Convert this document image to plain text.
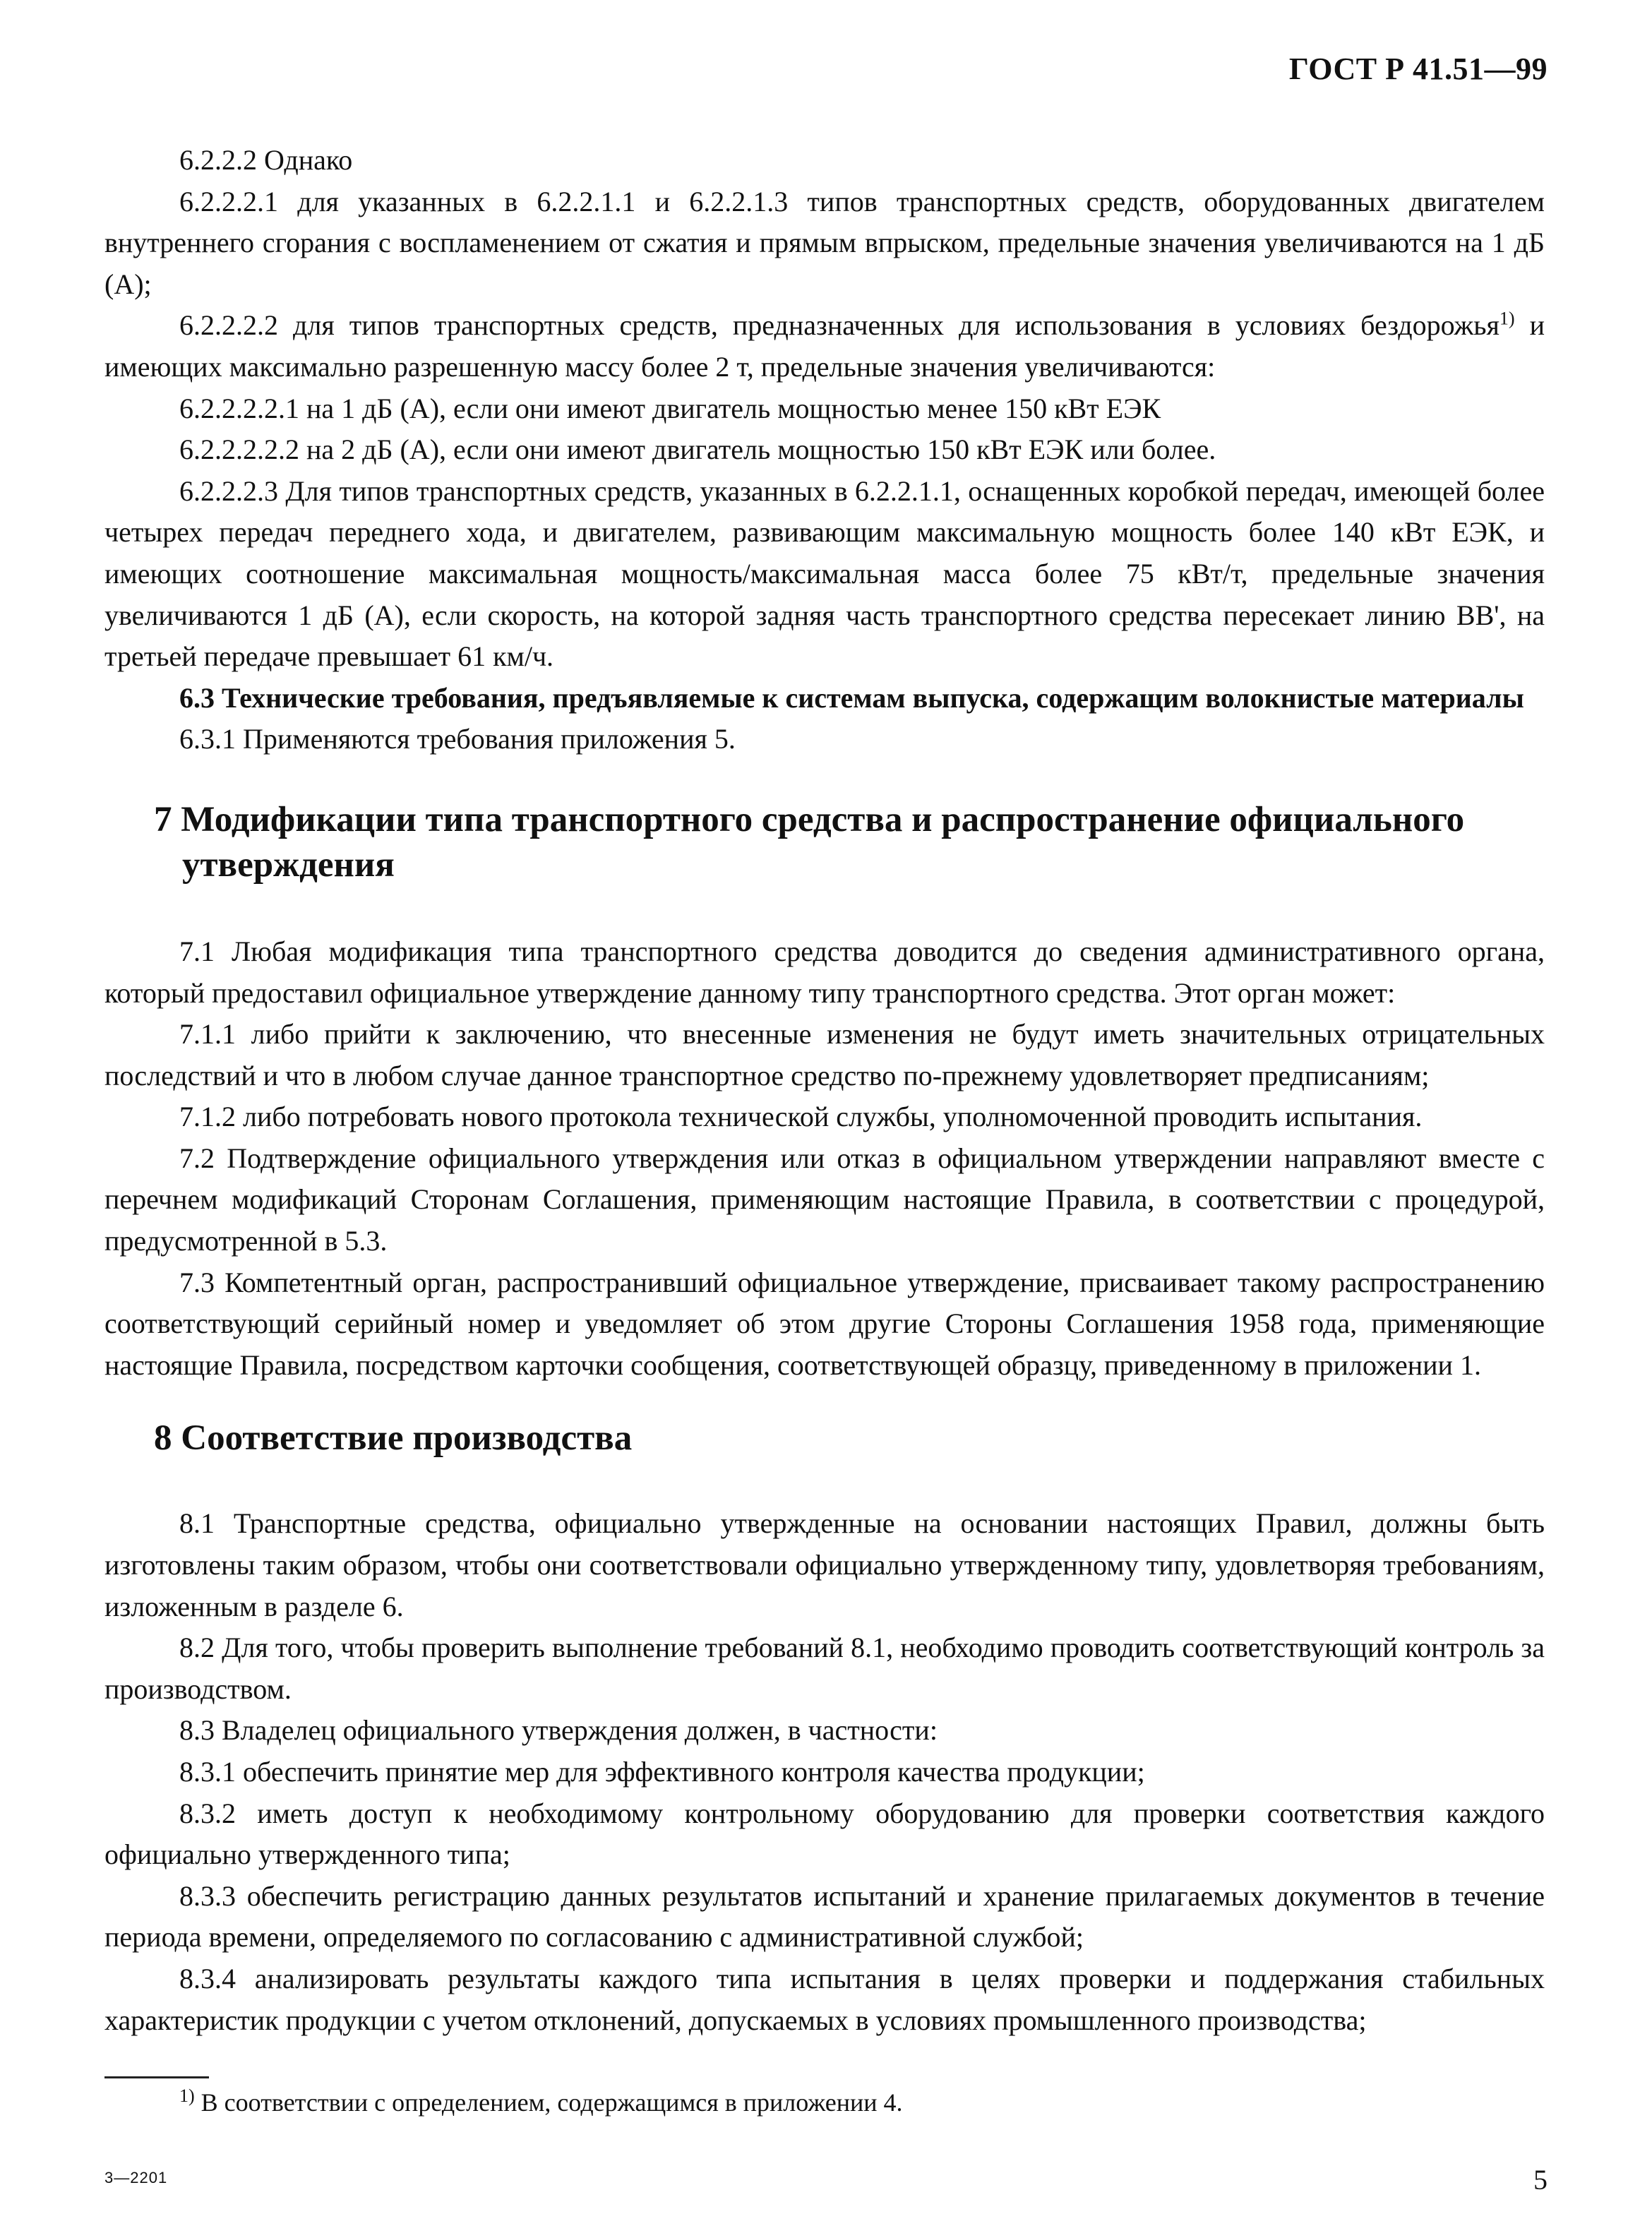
ГОСТ Р 41.51—99

6.2.2.2 Однако

6.2.2.2.1 для указанных в 6.2.2.1.1 и 6.2.2.1.3 типов транспортных средств, оборудованных двигателем внутреннего сгорания с воспламенением от сжатия и прямым впрыском, предельные значения увеличиваются на 1 дБ (А);

6.2.2.2.2 для типов транспортных средств, предназначенных для использования в условиях бездорожья$^{1)}$ и имеющих максимально разрешенную массу более 2 т, предельные значения увеличиваются:

6.2.2.2.2.1 на 1 дБ (А), если они имеют двигатель мощностью менее 150 кВт ЕЭК

6.2.2.2.2.2 на 2 дБ (А), если они имеют двигатель мощностью 150 кВт ЕЭК или более.

6.2.2.2.3 Для типов транспортных средств, указанных в 6.2.2.1.1, оснащенных коробкой передач, имеющей более четырех передач переднего хода, и двигателем, развивающим максимальную мощность более 140 кВт ЕЭК, и имеющих соотношение максимальная мощность/максимальная масса более 75 кВт/т, предельные значения увеличиваются 1 дБ (А), если скорость, на которой задняя часть транспортного средства пересекает линию ВВ', на третьей передаче превышает 61 км/ч.

6.3 Технические требования, предъявляемые к системам выпуска, содержащим волокнистые материалы

6.3.1 Применяются требования приложения 5.

7 Модификации типа транспортного средства и распространение официального утверждения

7.1 Любая модификация типа транспортного средства доводится до сведения административного органа, который предоставил официальное утверждение данному типу транспортного средства. Этот орган может:

7.1.1 либо прийти к заключению, что внесенные изменения не будут иметь значительных отрицательных последствий и что в любом случае данное транспортное средство по-прежнему удовлетворяет предписаниям;

7.1.2 либо потребовать нового протокола технической службы, уполномоченной проводить испытания.

7.2 Подтверждение официального утверждения или отказ в официальном утверждении направляют вместе с перечнем модификаций Сторонам Соглашения, применяющим настоящие Правила, в соответствии с процедурой, предусмотренной в 5.3.

7.3 Компетентный орган, распространивший официальное утверждение, присваивает такому распространению соответствующий серийный номер и уведомляет об этом другие Стороны Соглашения 1958 года, применяющие настоящие Правила, посредством карточки сообщения, соответствующей образцу, приведенному в приложении 1.

8 Соответствие производства

8.1 Транспортные средства, официально утвержденные на основании настоящих Правил, должны быть изготовлены таким образом, чтобы они соответствовали официально утвержденному типу, удовлетворяя требованиям, изложенным в разделе 6.

8.2 Для того, чтобы проверить выполнение требований 8.1, необходимо проводить соответствующий контроль за производством.

8.3 Владелец официального утверждения должен, в частности:

8.3.1 обеспечить принятие мер для эффективного контроля качества продукции;

8.3.2 иметь доступ к необходимому контрольному оборудованию для проверки соответствия каждого официально утвержденного типа;

8.3.3 обеспечить регистрацию данных результатов испытаний и хранение прилагаемых документов в течение периода времени, определяемого по согласованию с административной службой;

8.3.4 анализировать результаты каждого типа испытания в целях проверки и поддержания стабильных характеристик продукции с учетом отклонений, допускаемых в условиях промышленного производства;

$^{1)}$ В соответствии с определением, содержащимся в приложении 4.
3—2201	5
